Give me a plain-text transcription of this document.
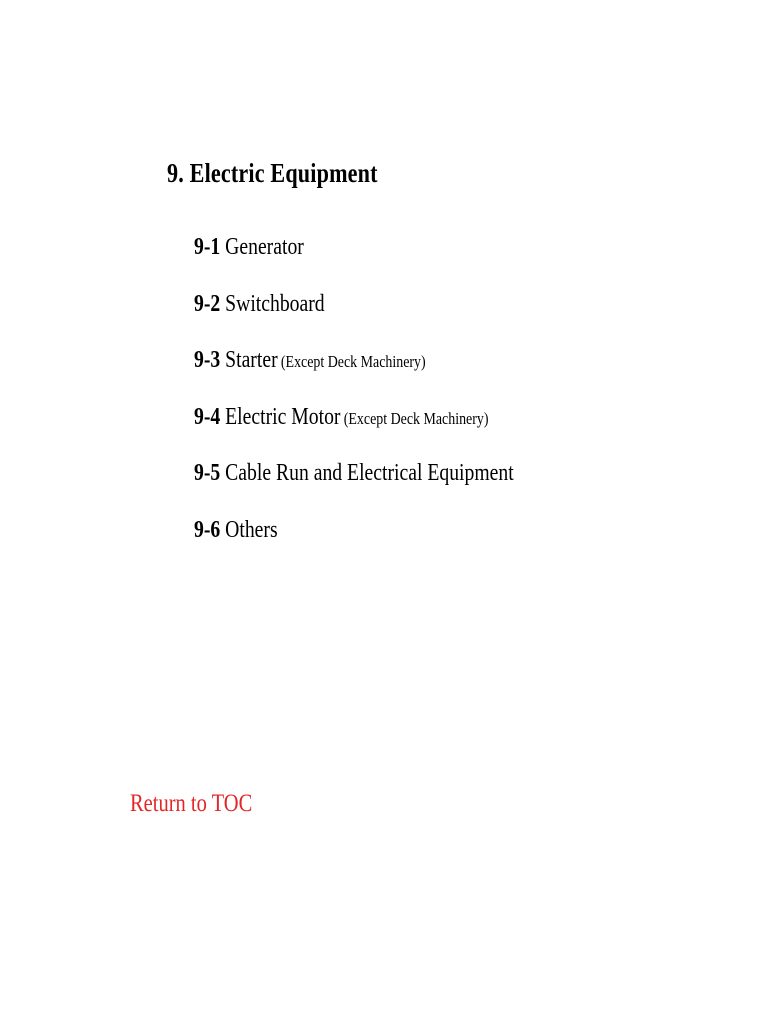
9. Electric Equipment
9-1 Generator
9-2 Switchboard
9-3 Starter (Except Deck Machinery)
9-4 Electric Motor (Except Deck Machinery)
9-5 Cable Run and Electrical Equipment
9-6 Others
Return to TOC
